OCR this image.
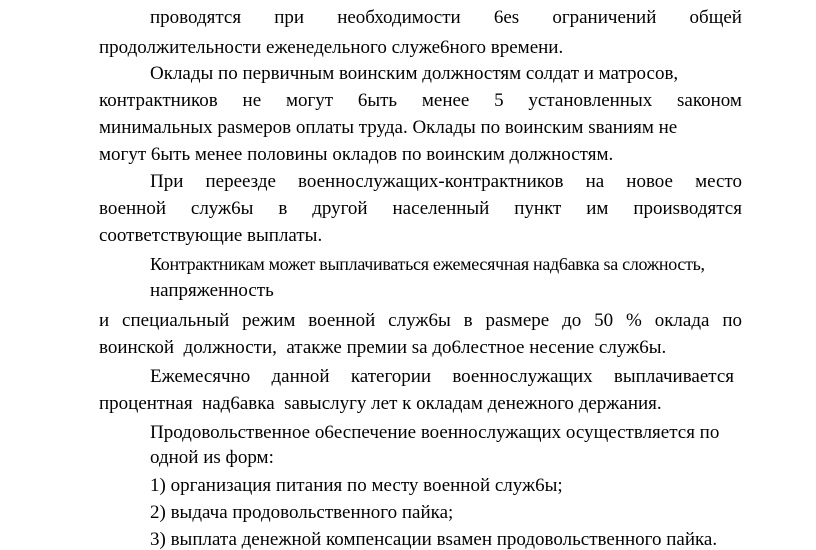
проводятся при необходимости 6es ограничений общей
продолжительности еженедельного служе6ного времени.
Оклады по первичным воинским должностям солдат и матросов,
контрактников не могут 6ыть менее 5 установленных sаконом
минимальных раsмеров оплаты труда. Оклады по воинским sваниям не
могут 6ыть менее половины окладов по воинским должностям.
При переезде военнослужащих-контрактников на новое место
военной служ6ы в другой населенный пункт им проиsводятся
соответствующие выплаты.
Контрактникам может выплачиваться ежемесячная над6авка sа сложность,
напряженность
и специальный режим военной служ6ы в раsмере до 50 % оклада по
воинской  должности,  атакже премии sа до6лестное несение служ6ы.
Ежемесячно данной категории военнослужащих выплачивается
процентная  над6авка  sавыслугу лет к окладам денежного держания.
Продовольственное о6еспечение военнослужащих осуществляется по
одной иs форм:
1) организация питания по месту военной служ6ы;
2) выдача продовольственного пайка;
3) выплата денежной компенсации вsамен продовольственного пайка.
